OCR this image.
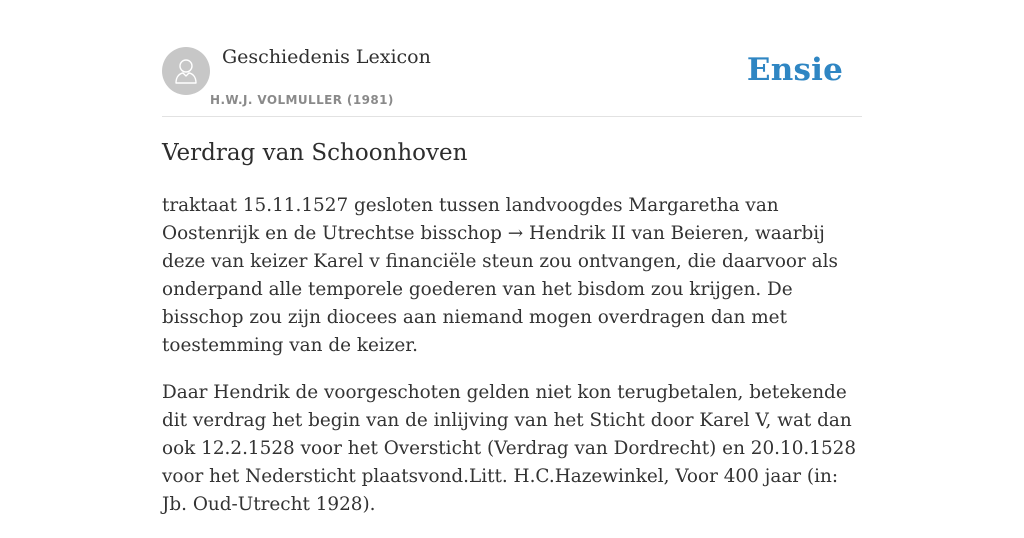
Geschiedenis Lexicon
H.W.J. VOLMULLER (1981)
Ensie
Verdrag van Schoonhoven

traktaat 15.11.1527 gesloten tussen landvoogdes Margaretha van Oostenrijk en de Utrechtse bisschop → Hendrik II van Beieren, waarbij deze van keizer Karel v financiële steun zou ontvangen, die daarvoor als onderpand alle temporele goederen van het bisdom zou krijgen. De bisschop zou zijn diocees aan niemand mogen overdragen dan met toestemming van de keizer.

Daar Hendrik de voorgeschoten gelden niet kon terugbetalen, betekende dit verdrag het begin van de inlijving van het Sticht door Karel V, wat dan ook 12.2.1528 voor het Oversticht (Verdrag van Dordrecht) en 20.10.1528 voor het Nedersticht plaatsvond.Litt. H.C.Hazewinkel, Voor 400 jaar (in: Jb. Oud-Utrecht 1928).
